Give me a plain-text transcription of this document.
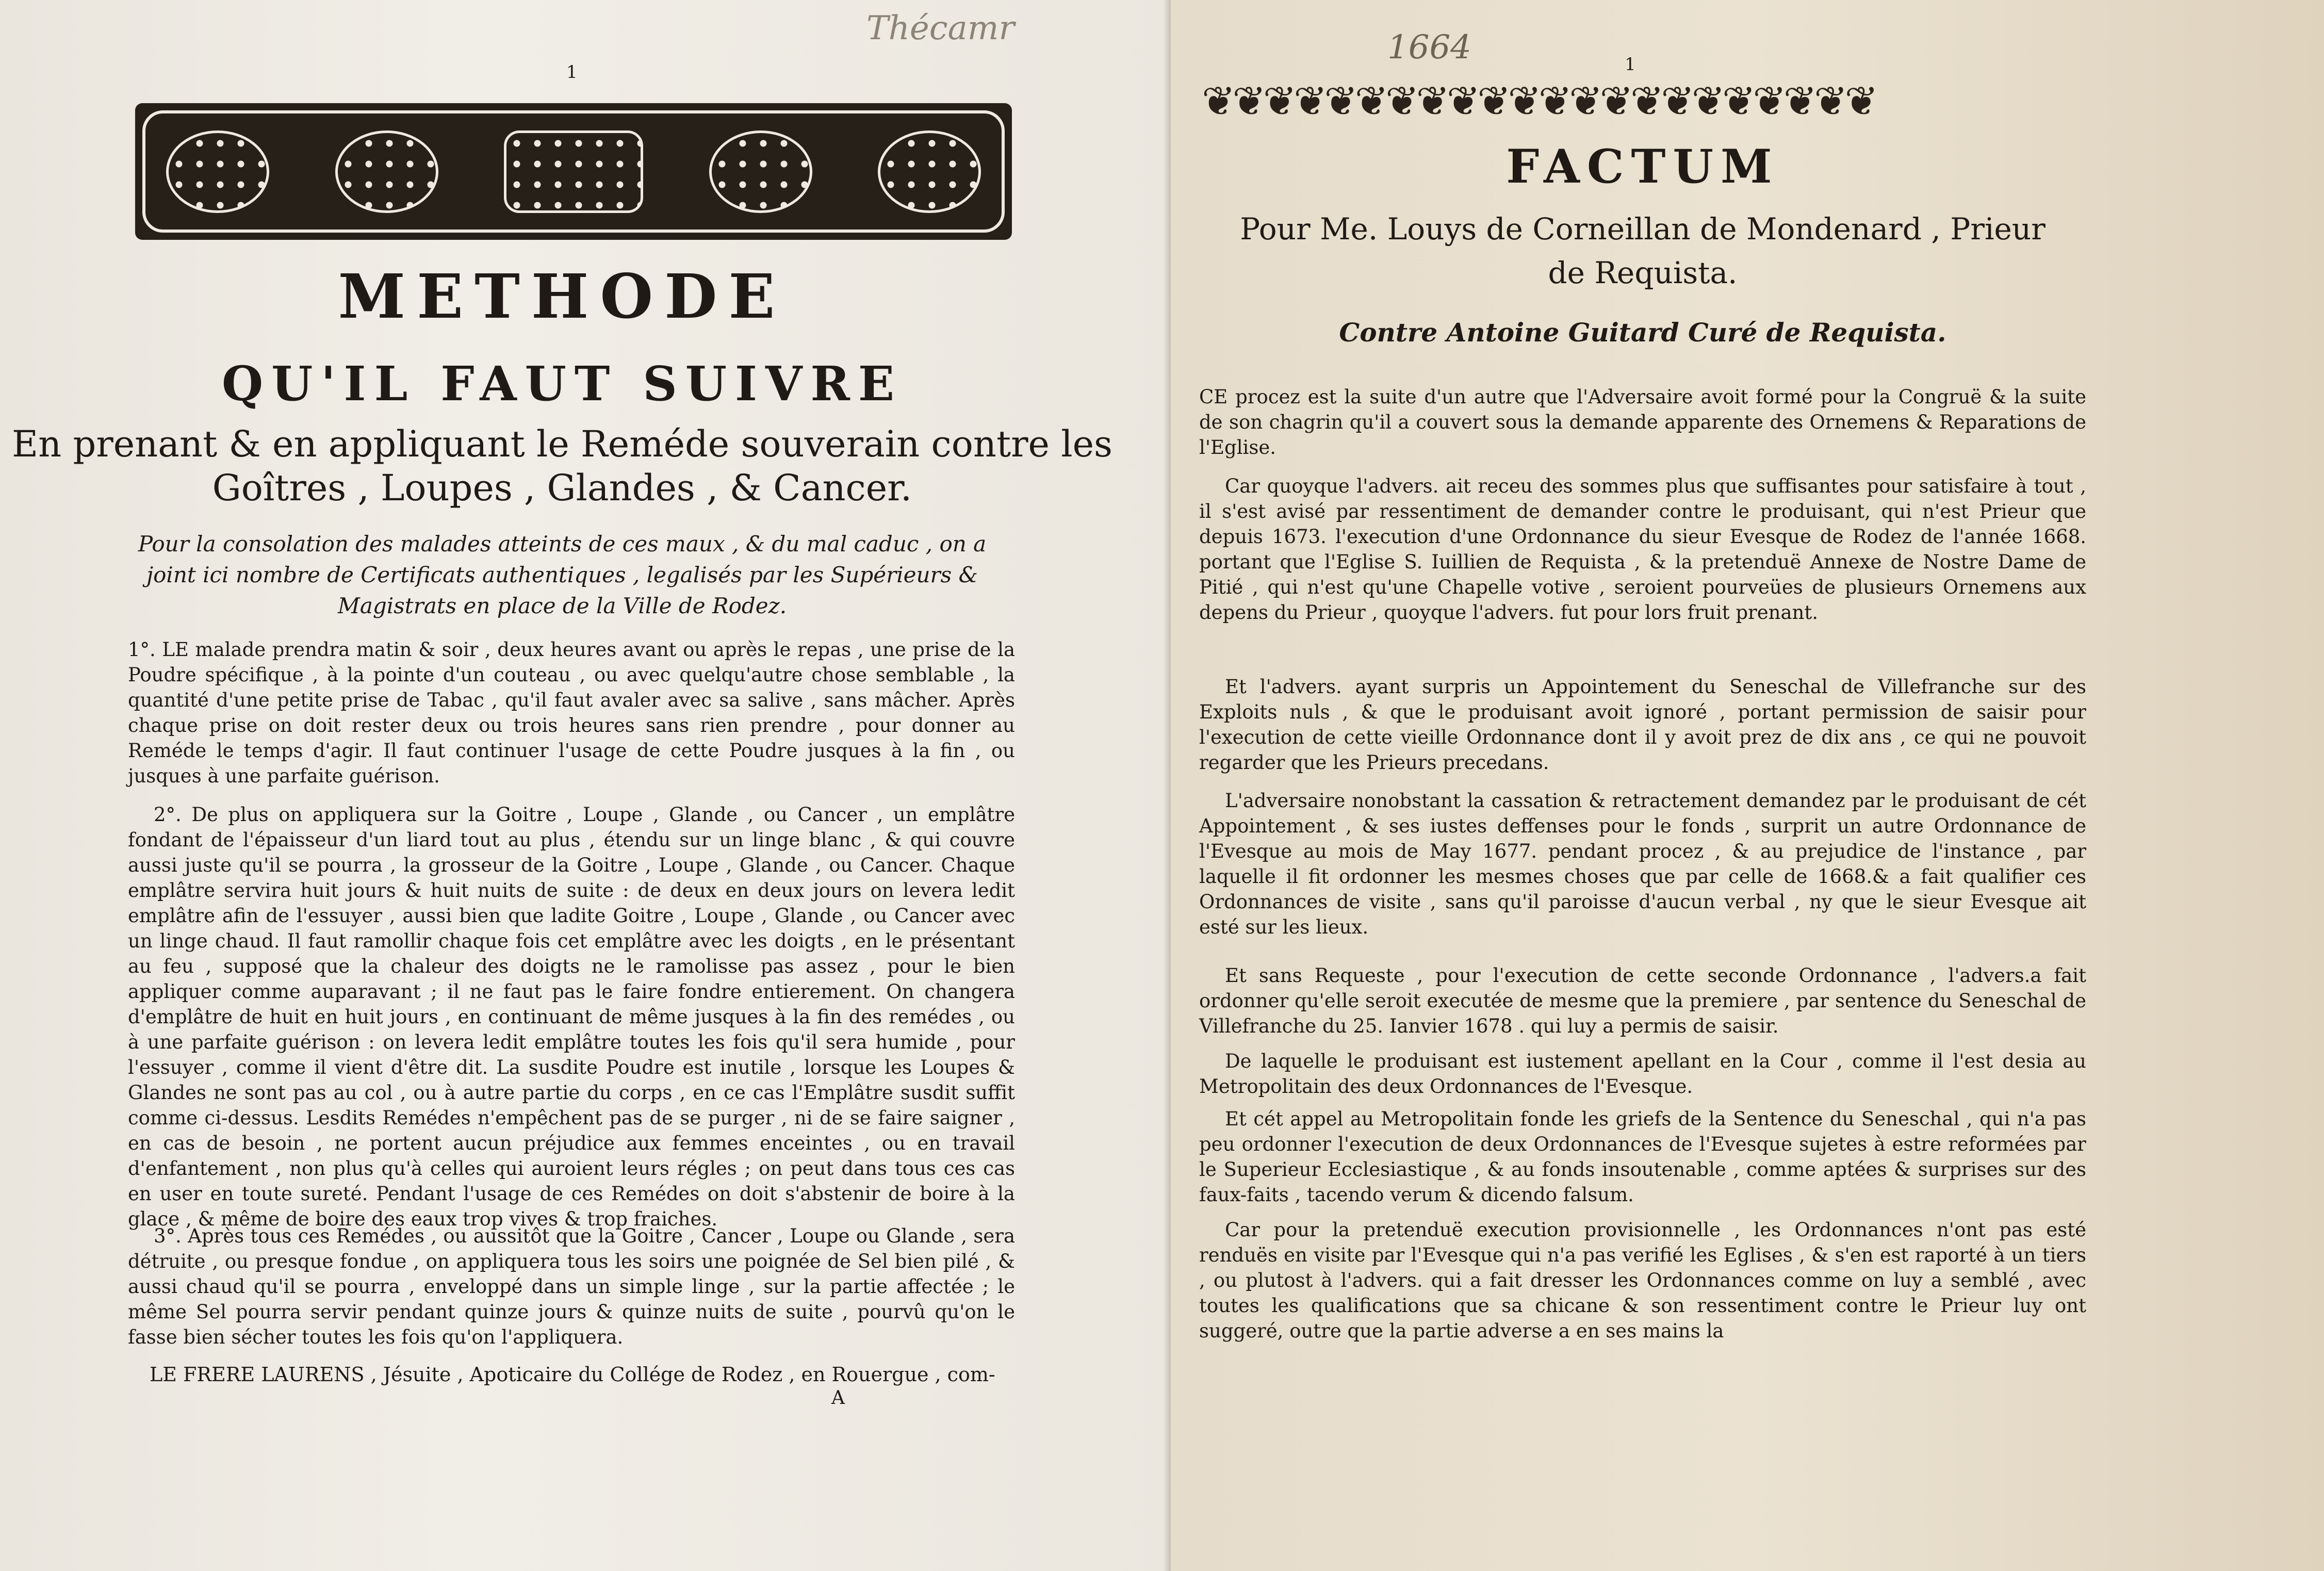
1
Thécamr
METHODE
QU'IL FAUT SUIVRE
En prenant & en appliquant le Reméde souverain contre les
Goîtres , Loupes , Glandes , & Cancer.
Pour la consolation des malades atteints de ces maux , & du mal caduc , on a
joint ici nombre de Certificats authentiques , legalisés par les Supérieurs &
Magistrats en place de la Ville de Rodez.
1°. LE malade prendra matin & soir , deux heures avant ou après le repas , une prise de la Poudre spécifique , à la pointe d'un couteau , ou avec quelqu'autre chose semblable , la quantité d'une petite prise de Tabac , qu'il faut avaler avec sa salive , sans mâcher. Après chaque prise on doit rester deux ou trois heures sans rien prendre , pour donner au Reméde le temps d'agir. Il faut continuer l'usage de cette Poudre jusques à la fin , ou jusques à une parfaite guérison.
2°. De plus on appliquera sur la Goitre , Loupe , Glande , ou Cancer , un emplâtre fondant de l'épaisseur d'un liard tout au plus , étendu sur un linge blanc , & qui couvre aussi juste qu'il se pourra , la grosseur de la Goitre , Loupe , Glande , ou Cancer. Chaque emplâtre servira huit jours & huit nuits de suite : de deux en deux jours on levera ledit emplâtre afin de l'essuyer , aussi bien que ladite Goitre , Loupe , Glande , ou Cancer avec un linge chaud. Il faut ramollir chaque fois cet emplâtre avec les doigts , en le présentant au feu , supposé que la chaleur des doigts ne le ramolisse pas assez , pour le bien appliquer comme auparavant ; il ne faut pas le faire fondre entierement. On changera d'emplâtre de huit en huit jours , en continuant de même jusques à la fin des remédes , ou à une parfaite guérison : on levera ledit emplâtre toutes les fois qu'il sera humide , pour l'essuyer , comme il vient d'être dit. La susdite Poudre est inutile , lorsque les Loupes & Glandes ne sont pas au col , ou à autre partie du corps , en ce cas l'Emplâtre susdit suffit comme ci-dessus. Lesdits Remédes n'empêchent pas de se purger , ni de se faire saigner , en cas de besoin , ne portent aucun préjudice aux femmes enceintes , ou en travail d'enfantement , non plus qu'à celles qui auroient leurs régles ; on peut dans tous ces cas en user en toute sureté. Pendant l'usage de ces Remédes on doit s'abstenir de boire à la glace , & même de boire des eaux trop vives & trop fraiches.
3°. Après tous ces Remédes , ou aussitôt que la Goitre , Cancer , Loupe ou Glande , sera détruite , ou presque fondue , on appliquera tous les soirs une poignée de Sel bien pilé , & aussi chaud qu'il se pourra , enveloppé dans un simple linge , sur la partie affectée ; le même Sel pourra servir pendant quinze jours & quinze nuits de suite , pourvû qu'on le fasse bien sécher toutes les fois qu'on l'appliquera.
LE FRERE LAURENS , Jésuite , Apoticaire du Collége de Rodez , en Rouergue , com-
A
1
1664
❦❦❦❦❦❦❦❦❦❦❦❦❦❦❦❦❦❦❦❦❦❦
FACTUM
Pour Me. Louys de Corneillan de Mondenard , Prieur
de Requista.
Contre Antoine Guitard Curé de Requista.
CE procez est la suite d'un autre que l'Adversaire avoit formé pour la Congruë & la suite de son chagrin qu'il a couvert sous la demande apparente des Ornemens & Reparations de l'Eglise.
Car quoyque l'advers. ait receu des sommes plus que suffisantes pour satisfaire à tout , il s'est avisé par ressentiment de demander contre le produisant, qui n'est Prieur que depuis 1673. l'execution d'une Ordonnance du sieur Evesque de Rodez de l'année 1668. portant que l'Eglise S. Iuillien de Requista , & la pretenduë Annexe de Nostre Dame de Pitié , qui n'est qu'une Chapelle votive , seroient pourveües de plusieurs Ornemens aux depens du Prieur , quoyque l'advers. fut pour lors fruit prenant.
Et l'advers. ayant surpris un Appointement du Seneschal de Villefranche sur des Exploits nuls , & que le produisant avoit ignoré , portant permission de saisir pour l'execution de cette vieille Ordonnance dont il y avoit prez de dix ans , ce qui ne pouvoit regarder que les Prieurs precedans.
L'adversaire nonobstant la cassation & retractement demandez par le produisant de cét Appointement , & ses iustes deffenses pour le fonds , surprit un autre Ordonnance de l'Evesque au mois de May 1677. pendant procez , & au prejudice de l'instance , par laquelle il fit ordonner les mesmes choses que par celle de 1668.& a fait qualifier ces Ordonnances de visite , sans qu'il paroisse d'aucun verbal , ny que le sieur Evesque ait esté sur les lieux.
Et sans Requeste , pour l'execution de cette seconde Ordonnance , l'advers.a fait ordonner qu'elle seroit executée de mesme que la premiere , par sentence du Seneschal de Villefranche du 25. Ianvier 1678 . qui luy a permis de saisir.
De laquelle le produisant est iustement apellant en la Cour , comme il l'est desia au Metropolitain des deux Ordonnances de l'Evesque.
Et cét appel au Metropolitain fonde les griefs de la Sentence du Seneschal , qui n'a pas peu ordonner l'execution de deux Ordonnances de l'Evesque sujetes à estre reformées par le Superieur Ecclesiastique , & au fonds insoutenable , comme aptées & surprises sur des faux-faits , tacendo verum & dicendo falsum.
Car pour la pretenduë execution provisionnelle , les Ordonnances n'ont pas esté renduës en visite par l'Evesque qui n'a pas verifié les Eglises , & s'en est raporté à un tiers , ou plutost à l'advers. qui a fait dresser les Ordonnances comme on luy a semblé , avec toutes les qualifications que sa chicane & son ressentiment contre le Prieur luy ont suggeré, outre que la partie adverse a en ses mains la
